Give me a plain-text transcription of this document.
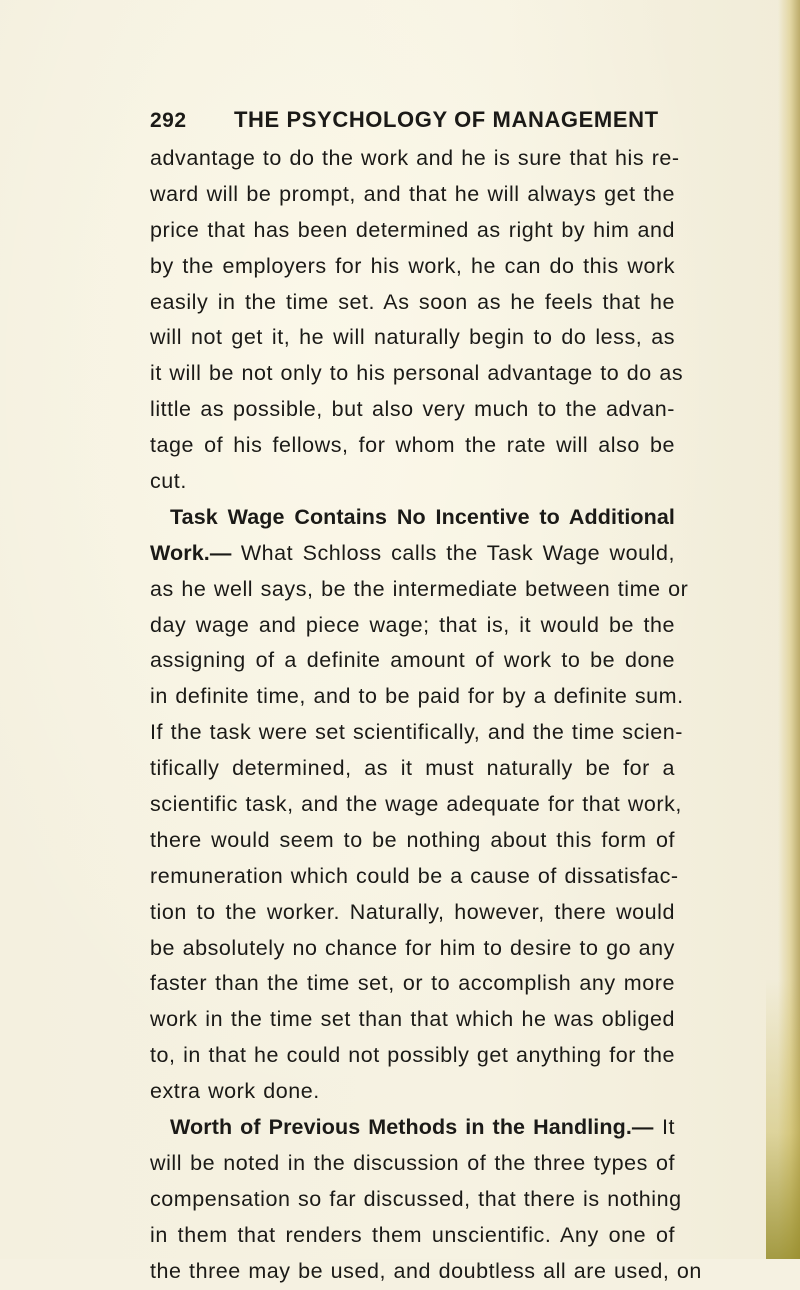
292 THE PSYCHOLOGY OF MANAGEMENT
advantage to do the work and he is sure that his re-
ward will be prompt, and that he will always get the
price that has been determined as right by him and
by the employers for his work, he can do this work
easily in the time set. As soon as he feels that he
will not get it, he will naturally begin to do less, as
it will be not only to his personal advantage to do as
little as possible, but also very much to the advan-
tage of his fellows, for whom the rate will also be
cut.
Task Wage Contains No Incentive to Additional
Work.— What Schloss calls the Task Wage would,
as he well says, be the intermediate between time or
day wage and piece wage; that is, it would be the
assigning of a definite amount of work to be done
in definite time, and to be paid for by a definite sum.
If the task were set scientifically, and the time scien-
tifically determined, as it must naturally be for a
scientific task, and the wage adequate for that work,
there would seem to be nothing about this form of
remuneration which could be a cause of dissatisfac-
tion to the worker. Naturally, however, there would
be absolutely no chance for him to desire to go any
faster than the time set, or to accomplish any more
work in the time set than that which he was obliged
to, in that he could not possibly get anything for the
extra work done.
Worth of Previous Methods in the Handling.— It
will be noted in the discussion of the three types of
compensation so far discussed, that there is nothing
in them that renders them unscientific. Any one of
the three may be used, and doubtless all are used, on
